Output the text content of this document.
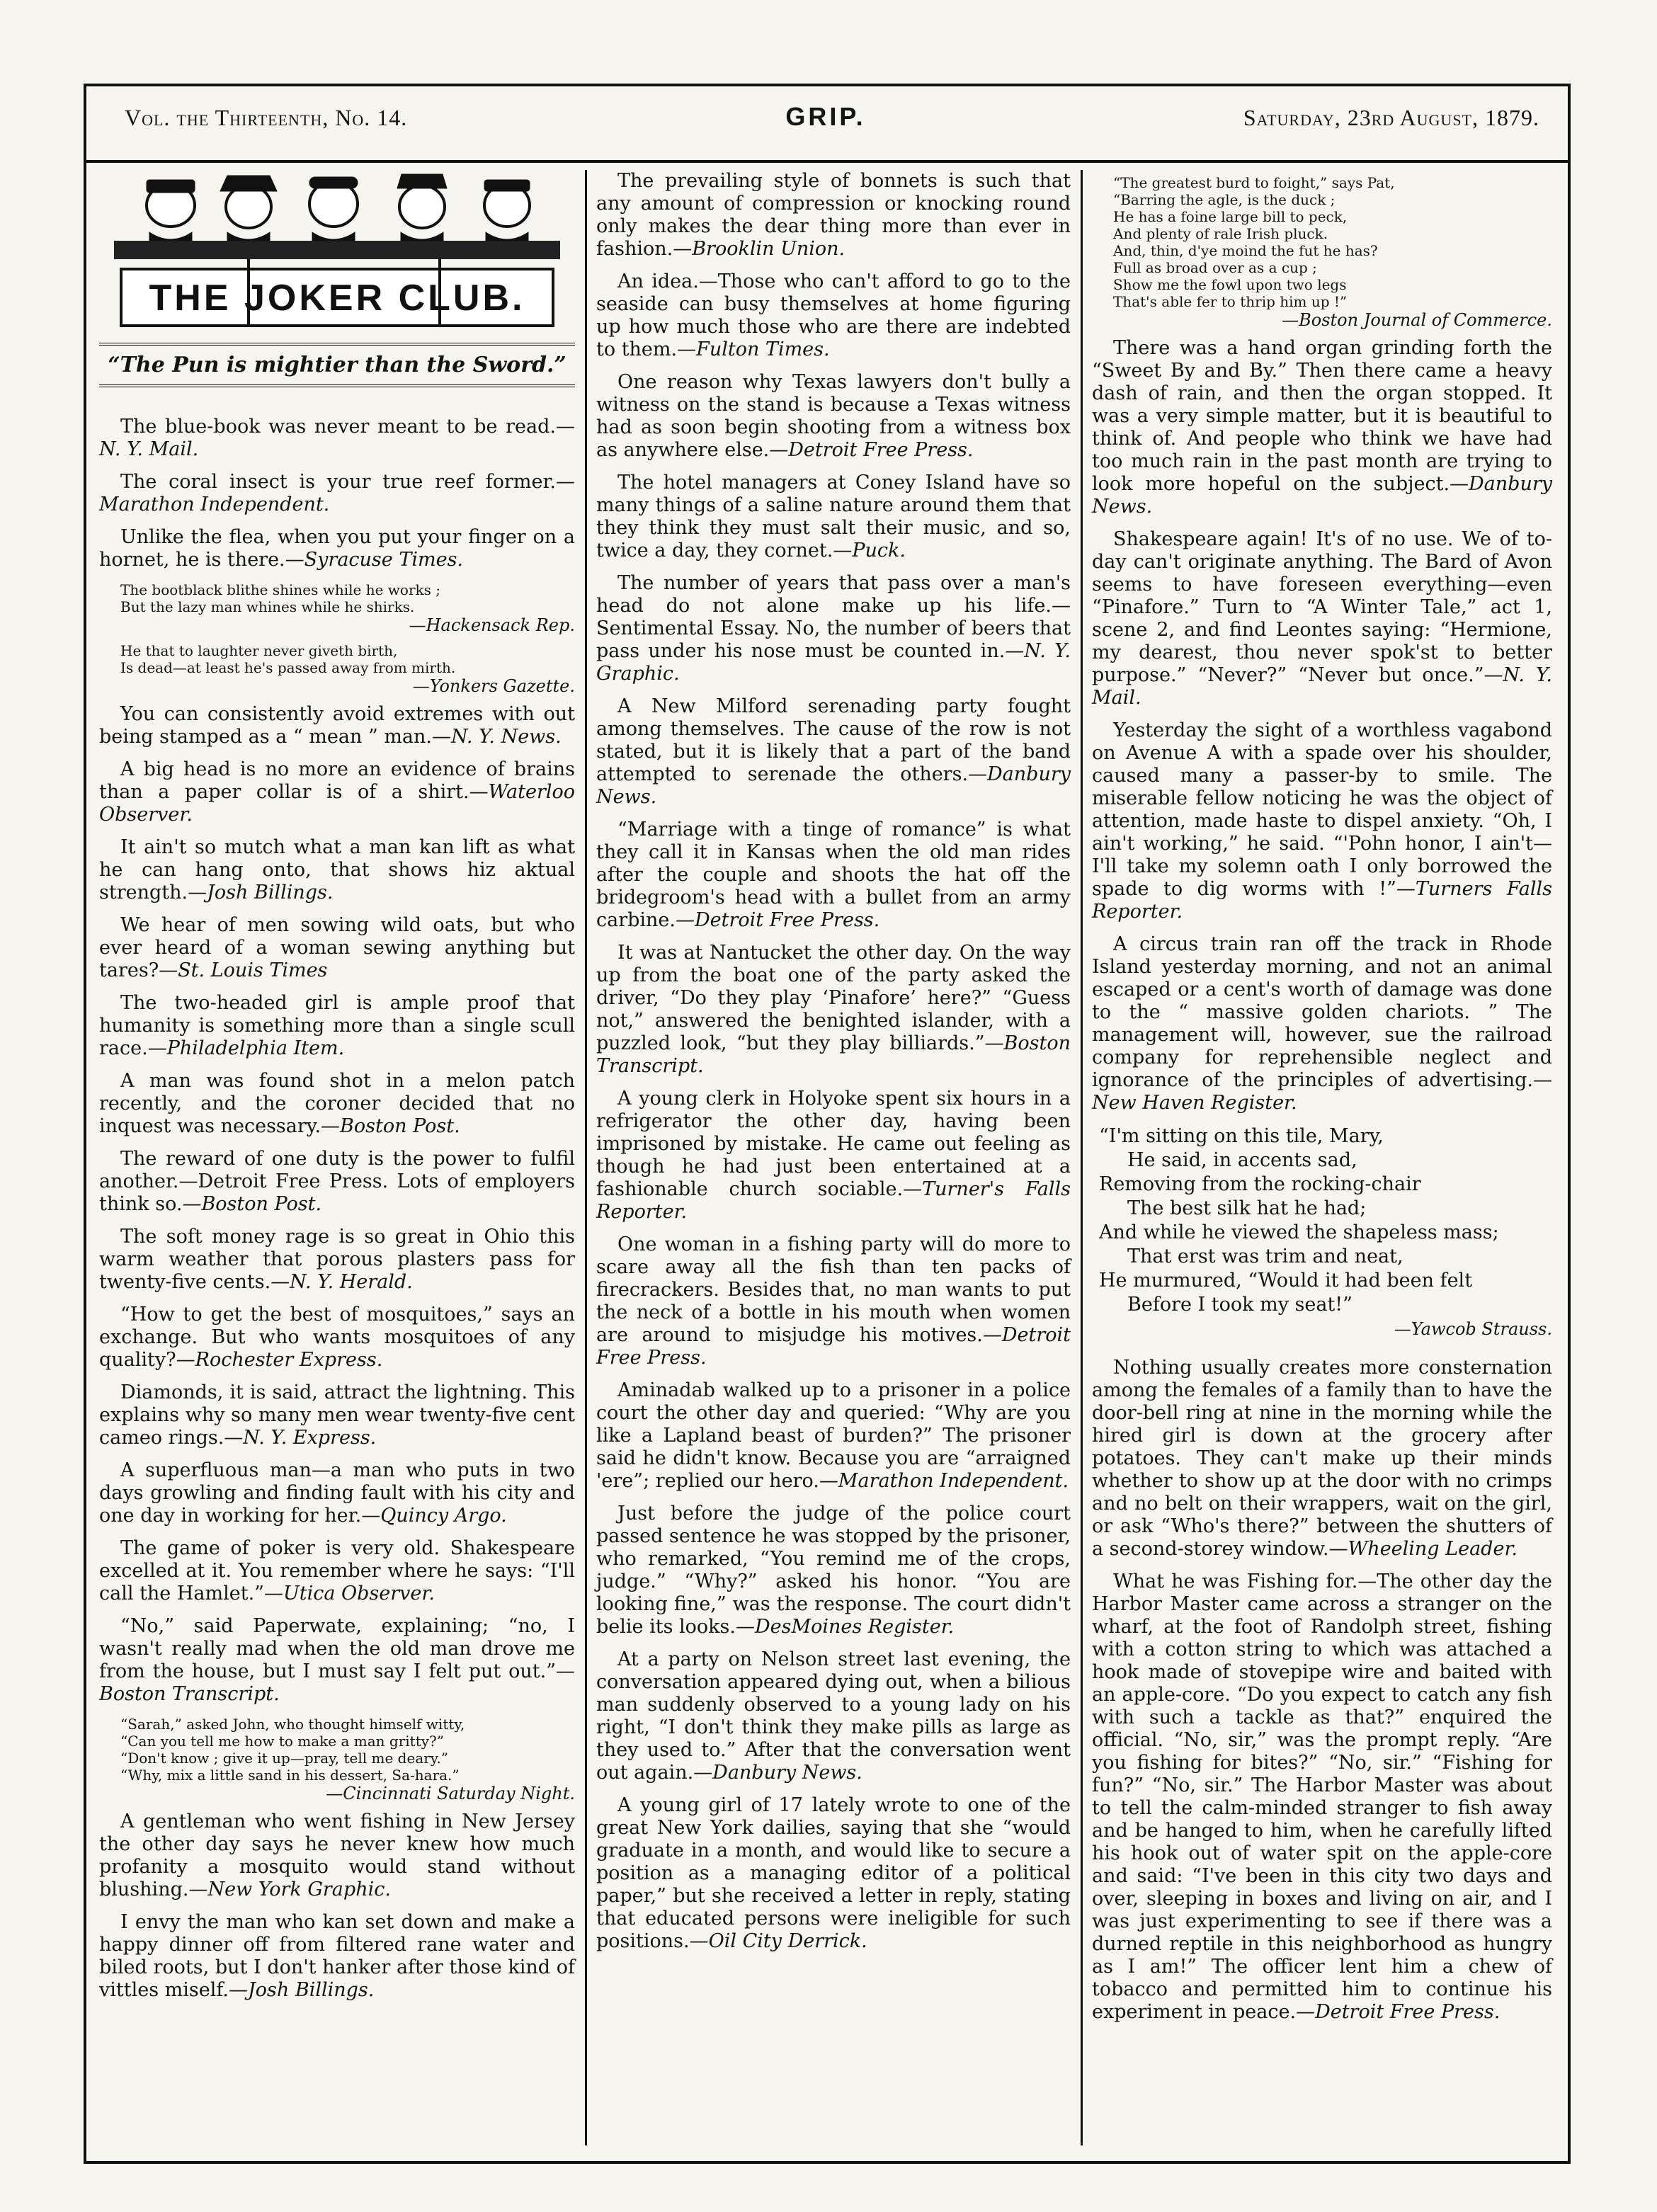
Vol. the Thirteenth, No. 14.	GRIP.	Saturday, 23rd August, 1879.
THE JOKER CLUB.
“The Pun is mightier than the Sword.”

The blue-book was never meant to be read.—N. Y. Mail.

The coral insect is your true reef former.—Marathon Independent.

Unlike the flea, when you put your finger on a hornet, he is there.—Syracuse Times.

The bootblack blithe shines while he works ;
But the lazy man whines while he shirks.
—Hackensack Rep.
He that to laughter never giveth birth,
Is dead—at least he's passed away from mirth.
—Yonkers Gazette.

You can consistently avoid extremes with out being stamped as a “ mean ” man.—N. Y. News.

A big head is no more an evidence of brains than a paper collar is of a shirt.—Waterloo Observer.

It ain't so mutch what a man kan lift as what he can hang onto, that shows hiz aktual strength.—Josh Billings.

We hear of men sowing wild oats, but who ever heard of a woman sewing anything but tares?—St. Louis Times

The two-headed girl is ample proof that humanity is something more than a single scull race.—Philadelphia Item.

A man was found shot in a melon patch recently, and the coroner decided that no inquest was necessary.—Boston Post.

The reward of one duty is the power to fulfil another.—Detroit Free Press. Lots of employers think so.—Boston Post.

The soft money rage is so great in Ohio this warm weather that porous plasters pass for twenty-five cents.—N. Y. Herald.

“How to get the best of mosquitoes,” says an exchange. But who wants mosquitoes of any quality?—Rochester Express.

Diamonds, it is said, attract the lightning. This explains why so many men wear twenty-five cent cameo rings.—N. Y. Express.

A superfluous man—a man who puts in two days growling and finding fault with his city and one day in working for her.—Quincy Argo.

The game of poker is very old. Shakespeare excelled at it. You remember where he says: “I'll call the Hamlet.”—Utica Observer.

“No,” said Paperwate, explaining; “no, I wasn't really mad when the old man drove me from the house, but I must say I felt put out.”—Boston Transcript.

“Sarah,” asked John, who thought himself witty,
“Can you tell me how to make a man gritty?”
“Don't know ; give it up—pray, tell me deary.”
“Why, mix a little sand in his dessert, Sa-hara.”
—Cincinnati Saturday Night.

A gentleman who went fishing in New Jersey the other day says he never knew how much profanity a mosquito would stand without blushing.—New York Graphic.

I envy the man who kan set down and make a happy dinner off from filtered rane water and biled roots, but I don't hanker after those kind of vittles miself.—Josh Billings.

The prevailing style of bonnets is such that any amount of compression or knocking round only makes the dear thing more than ever in fashion.—Brooklin Union.

An idea.—Those who can't afford to go to the seaside can busy themselves at home figuring up how much those who are there are indebted to them.—Fulton Times.

One reason why Texas lawyers don't bully a witness on the stand is because a Texas witness had as soon begin shooting from a witness box as anywhere else.—Detroit Free Press.

The hotel managers at Coney Island have so many things of a saline nature around them that they think they must salt their music, and so, twice a day, they cornet.—Puck.

The number of years that pass over a man's head do not alone make up his life.—Sentimental Essay. No, the number of beers that pass under his nose must be counted in.—N. Y. Graphic.

A New Milford serenading party fought among themselves. The cause of the row is not stated, but it is likely that a part of the band attempted to serenade the others.—Danbury News.

“Marriage with a tinge of romance” is what they call it in Kansas when the old man rides after the couple and shoots the hat off the bridegroom's head with a bullet from an army carbine.—Detroit Free Press.

It was at Nantucket the other day. On the way up from the boat one of the party asked the driver, “Do they play ‘Pinafore’ here?” “Guess not,” answered the benighted islander, with a puzzled look, “but they play billiards.”—Boston Transcript.

A young clerk in Holyoke spent six hours in a refrigerator the other day, having been imprisoned by mistake. He came out feeling as though he had just been entertained at a fashionable church sociable.—Turner's Falls Reporter.

One woman in a fishing party will do more to scare away all the fish than ten packs of firecrackers. Besides that, no man wants to put the neck of a bottle in his mouth when women are around to misjudge his motives.—Detroit Free Press.

Aminadab walked up to a prisoner in a police court the other day and queried: “Why are you like a Lapland beast of burden?” The prisoner said he didn't know. Because you are “arraigned 'ere”; replied our hero.—Marathon Independent.

Just before the judge of the police court passed sentence he was stopped by the prisoner, who remarked, “You remind me of the crops, judge.” “Why?” asked his honor. “You are looking fine,” was the response. The court didn't belie its looks.—DesMoines Register.

At a party on Nelson street last evening, the conversation appeared dying out, when a bilious man suddenly observed to a young lady on his right, “I don't think they make pills as large as they used to.” After that the conversation went out again.—Danbury News.

A young girl of 17 lately wrote to one of the great New York dailies, saying that she “would graduate in a month, and would like to secure a position as a managing editor of a political paper,” but she received a letter in reply, stating that educated persons were ineligible for such positions.—Oil City Derrick.

“The greatest burd to foight,” says Pat,
“Barring the agle, is the duck ;
He has a foine large bill to peck,
And plenty of rale Irish pluck.
And, thin, d'ye moind the fut he has?
Full as broad over as a cup ;
Show me the fowl upon two legs
That's able fer to thrip him up !”
—Boston Journal of Commerce.

There was a hand organ grinding forth the “Sweet By and By.” Then there came a heavy dash of rain, and then the organ stopped. It was a very simple matter, but it is beautiful to think of. And people who think we have had too much rain in the past month are trying to look more hopeful on the subject.—Danbury News.

Shakespeare again! It's of no use. We of to-day can't originate anything. The Bard of Avon seems to have foreseen everything—even “Pinafore.” Turn to “A Winter Tale,” act 1, scene 2, and find Leontes saying: “Hermione, my dearest, thou never spok'st to better purpose.” “Never?” “Never but once.”—N. Y. Mail.

Yesterday the sight of a worthless vagabond on Avenue A with a spade over his shoulder, caused many a passer-by to smile. The miserable fellow noticing he was the object of attention, made haste to dispel anxiety. “Oh, I ain't working,” he said. “'Pohn honor, I ain't—I'll take my solemn oath I only borrowed the spade to dig worms with !”—Turners Falls Reporter.

A circus train ran off the track in Rhode Island yesterday morning, and not an animal escaped or a cent's worth of damage was done to the “ massive golden chariots. ” The management will, however, sue the railroad company for reprehensible neglect and ignorance of the principles of advertising.—New Haven Register.

“I'm sitting on this tile, Mary,
He said, in accents sad,
Removing from the rocking-chair
The best silk hat he had;
And while he viewed the shapeless mass;
That erst was trim and neat,
He murmured, “Would it had been felt
Before I took my seat!”
—Yawcob Strauss.

Nothing usually creates more consternation among the females of a family than to have the door-bell ring at nine in the morning while the hired girl is down at the grocery after potatoes. They can't make up their minds whether to show up at the door with no crimps and no belt on their wrappers, wait on the girl, or ask “Who's there?” between the shutters of a second-storey window.—Wheeling Leader.

What he was Fishing for.—The other day the Harbor Master came across a stranger on the wharf, at the foot of Randolph street, fishing with a cotton string to which was attached a hook made of stovepipe wire and baited with an apple-core. “Do you expect to catch any fish with such a tackle as that?” enquired the official. “No, sir,” was the prompt reply. “Are you fishing for bites?” “No, sir.” “Fishing for fun?” “No, sir.” The Harbor Master was about to tell the calm-minded stranger to fish away and be hanged to him, when he carefully lifted his hook out of water spit on the apple-core and said: “I've been in this city two days and over, sleeping in boxes and living on air, and I was just experimenting to see if there was a durned reptile in this neighborhood as hungry as I am!” The officer lent him a chew of tobacco and permitted him to continue his experiment in peace.—Detroit Free Press.
